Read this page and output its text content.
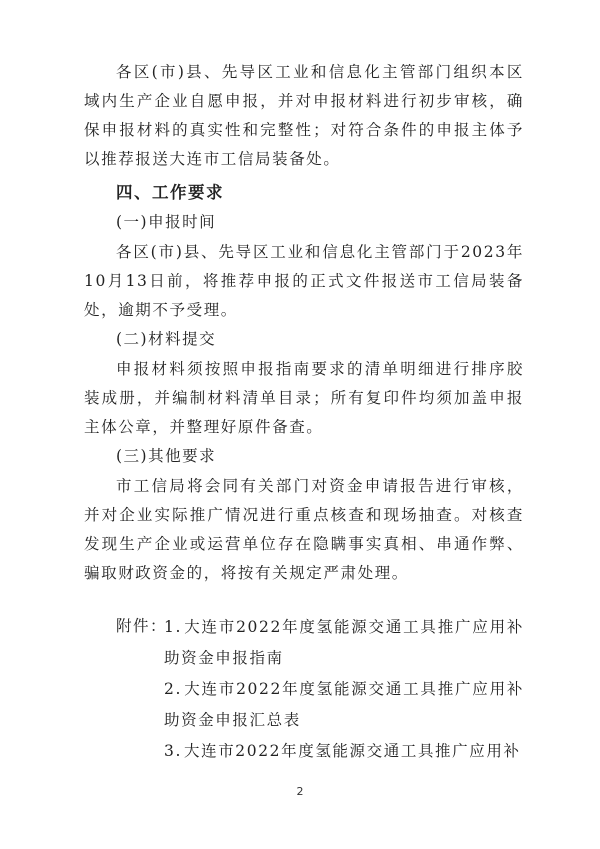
各区(市)县、先导区工业和信息化主管部门组织本区域内生产企业自愿申报，并对申报材料进行初步审核，确保申报材料的真实性和完整性；对符合条件的申报主体予以推荐报送大连市工信局装备处。

四、工作要求

(一)申报时间

各区(市)县、先导区工业和信息化主管部门于2023年10月13日前，将推荐申报的正式文件报送市工信局装备处，逾期不予受理。

(二)材料提交

申报材料须按照申报指南要求的清单明细进行排序胶装成册，并编制材料清单目录；所有复印件均须加盖申报主体公章，并整理好原件备查。

(三)其他要求

市工信局将会同有关部门对资金申请报告进行审核，并对企业实际推广情况进行重点核查和现场抽查。对核查发现生产企业或运营单位存在隐瞒事实真相、串通作弊、骗取财政资金的，将按有关规定严肃处理。

附件：

1. 大连市2022年度氢能源交通工具推广应用补助资金申报指南

2. 大连市2022年度氢能源交通工具推广应用补助资金申报汇总表

3. 大连市2022年度氢能源交通工具推广应用补

2
